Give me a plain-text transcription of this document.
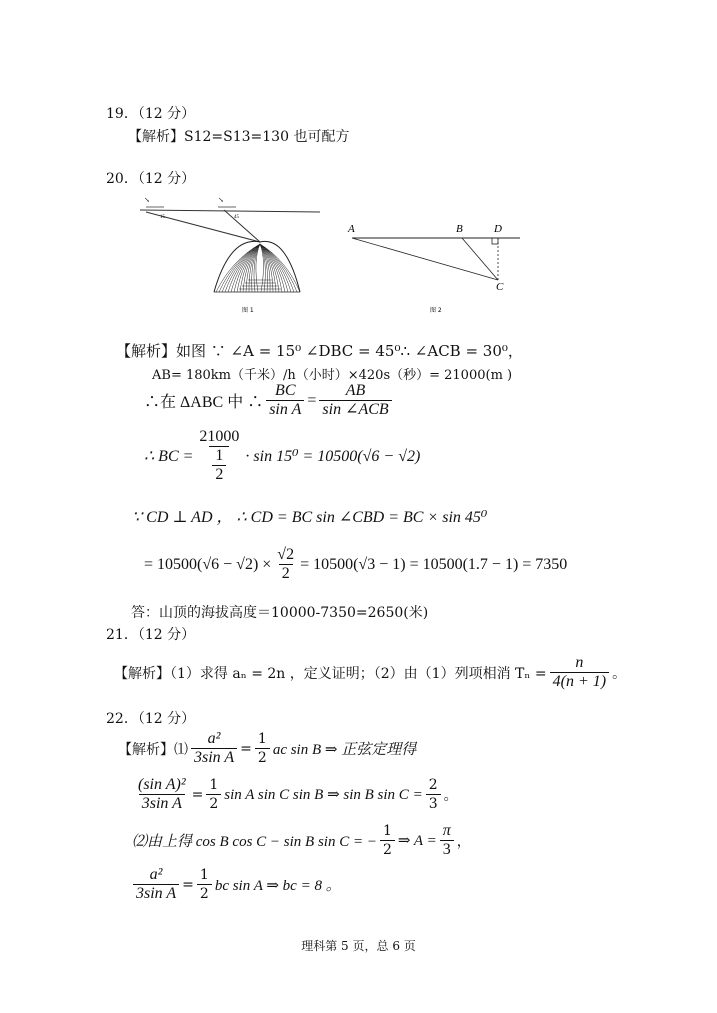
19．（12 分）
【解析】S12=S13=130 也可配方
20．（12 分）
↘	↘
15	45
图 1
A	B	D
C
图 2
【解析】如图 ∵ ∠A = 15⁰ ∠DBC = 45⁰∴ ∠ACB = 30⁰，
AB= 180km（千米）/h（小时）×420s（秒）= 21000(m )
∴在 ΔABC 中 ∴ $\frac{BC}{\text{sin A}} = \frac{AB}{\text{sin ∠ACB}}$
∴ BC = $\frac{21000}{\frac{1}{2}} \cdot \sin 15^0 = 10500(√6 - √2)$
∵ CD ⊥ AD ， ∴ CD = BC sin ∠CBD = BC × sin 45⁰
= $10500(√6 - √2) \times \frac{√2}{2} = 10500(√3 - 1) = 10500(1.7 - 1) = 7350$
答：山顶的海拔高度＝10000-7350=2650(米)
21．（12 分）
【解析】（1）求得 aₙ = 2n ，定义证明；（2）由（1）列项相消 $T_n = \frac{n}{4(n + 1)}$ 。
22．（12 分）
【解析】⑴ $\frac{\text{a²}}{\text{3sin A}} = \frac{1}{2}$ ac sin B ⇒ 正弦定理得
$\frac{\text{(sin A)²}}{\text{3sin A}} = \frac{1}{2}$ sin A sin C sin B ⇒ sin B $\sin C = \frac{2}{3}$ 。
⑵由上得 cos B cos C − sin B sin C = − $\frac{1}{2}$ ⇒ $A = \frac{\pi}{3}$ ，
$\frac{\text{a²}}{\text{3sin A}} = \frac{1}{2}$ bc sin A ⇒ bc = 8 。
理科第 5 页，总 6 页
